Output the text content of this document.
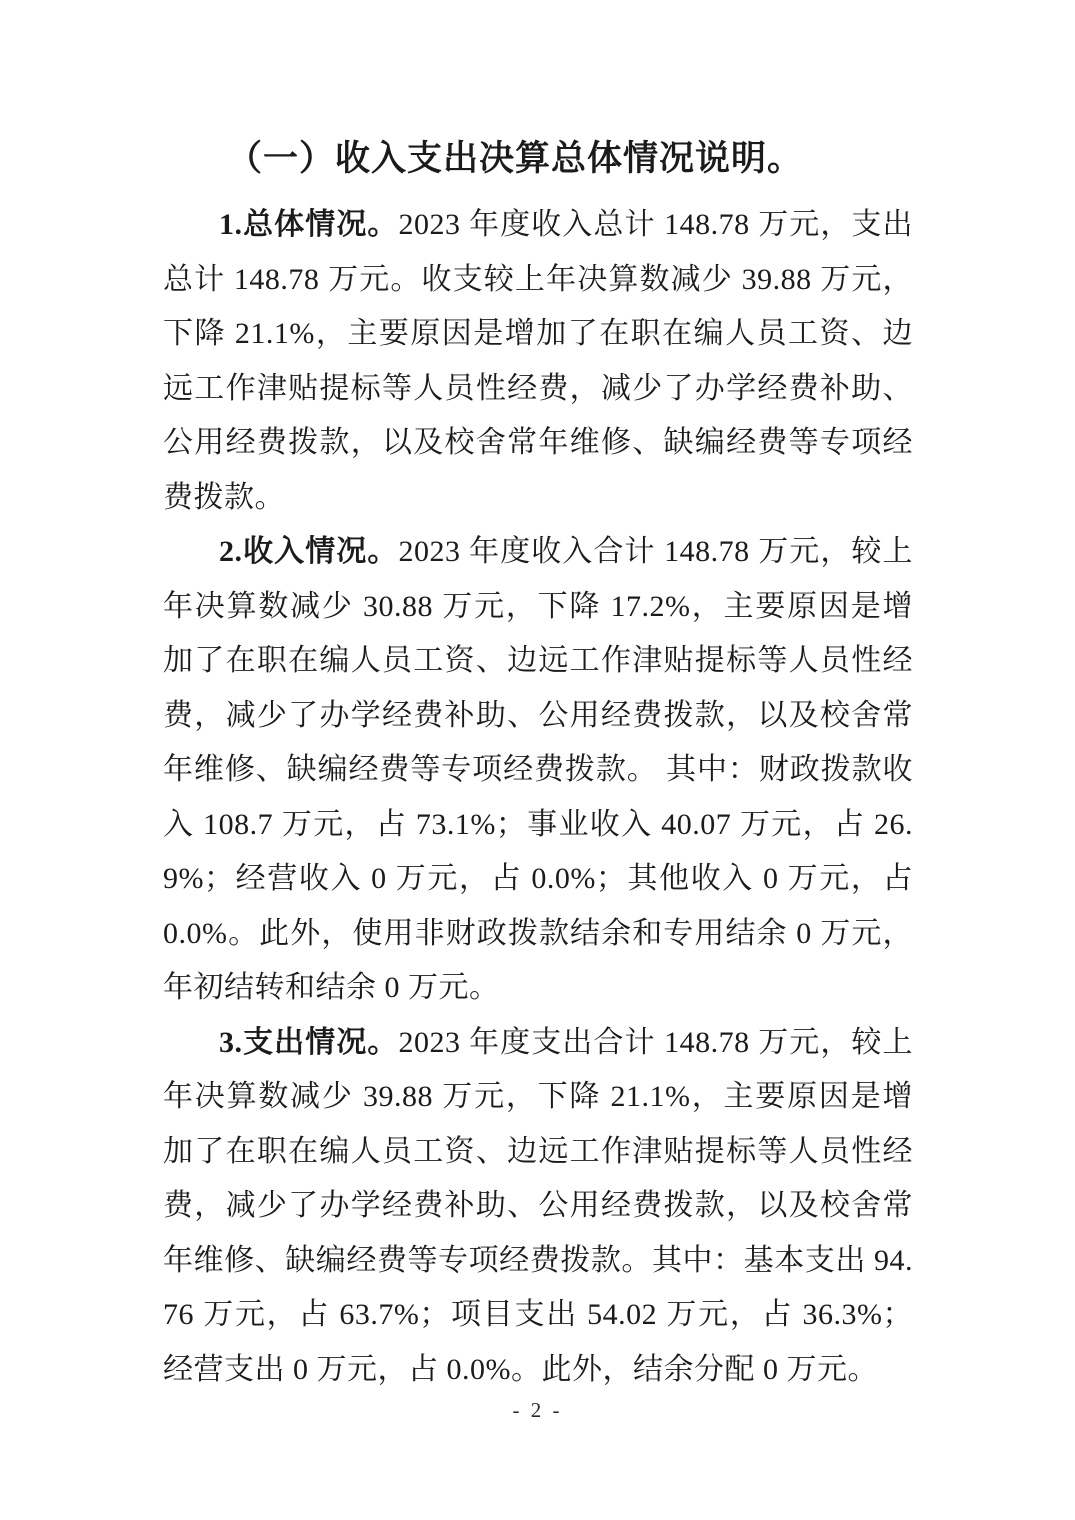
（一）收入支出决算总体情况说明。

1.总体情况。2023 年度收入总计 148.78 万元，支出总计 148.78 万元。收支较上年决算数减少 39.88 万元，下降 21.1%，主要原因是增加了在职在编人员工资、边远工作津贴提标等人员性经费，减少了办学经费补助、公用经费拨款，以及校舍常年维修、缺编经费等专项经费拨款。

2.收入情况。2023 年度收入合计 148.78 万元，较上年决算数减少 30.88 万元，下降 17.2%，主要原因是增加了在职在编人员工资、边远工作津贴提标等人员性经费，减少了办学经费补助、公用经费拨款，以及校舍常年维修、缺编经费等专项经费拨款。 其中：财政拨款收入 108.7 万元，占 73.1%；事业收入 40.07 万元，占 26.9%；经营收入 0 万元，占 0.0%；其他收入 0 万元，占 0.0%。此外，使用非财政拨款结余和专用结余 0 万元，年初结转和结余 0 万元。

3.支出情况。2023 年度支出合计 148.78 万元，较上年决算数减少 39.88 万元，下降 21.1%，主要原因是增加了在职在编人员工资、边远工作津贴提标等人员性经费，减少了办学经费补助、公用经费拨款，以及校舍常年维修、缺编经费等专项经费拨款。其中：基本支出 94.76 万元，占 63.7%；项目支出 54.02 万元，占 36.3%；经营支出 0 万元，占 0.0%。此外，结余分配 0 万元。

- 2 -
